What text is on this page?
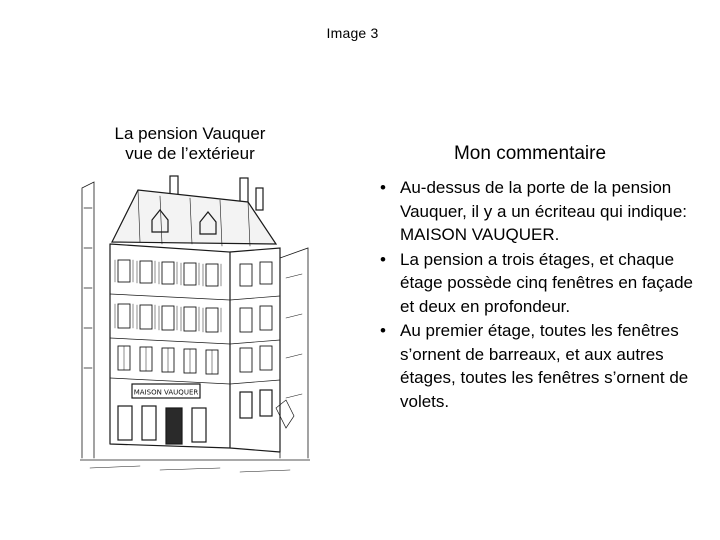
Image 3
La pension Vauquer
vue de l’extérieur
MAISON VAUQUER
Mon commentaire
• Au-dessus de la porte de la pension Vauquer, il y a un écriteau qui indique: MAISON VAUQUER.
• La pension a trois étages, et chaque étage possède cinq fenêtres en façade et deux en profondeur.
• Au premier étage, toutes les fenêtres s’ornent de barreaux, et aux autres étages, toutes les fenêtres s’ornent de volets.
